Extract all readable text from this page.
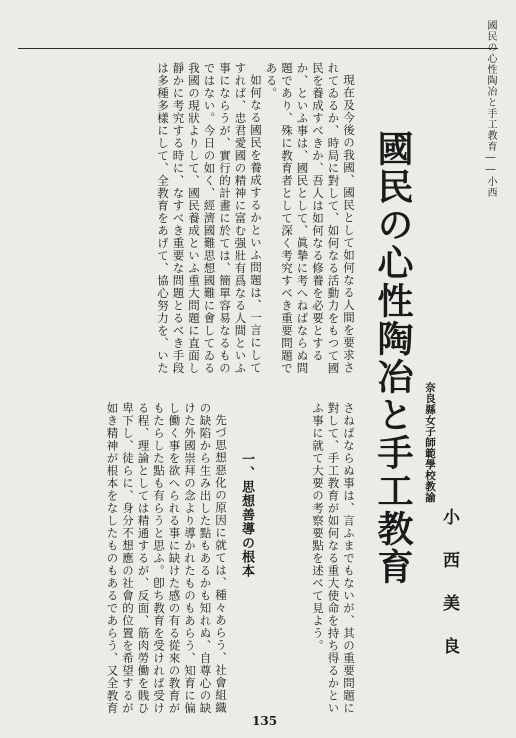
國民の心性陶冶と手工教育――小西

現在及今後の我國、國民として如何なる人間を要求さ

れてゐるか、時局に對して、如何なる活動力をもつて國

民を養成すべきか、吾人は如何なる修養を必要とする

か、といふ事は、國民として、眞摯に考へねばならぬ問

題であり、殊に教育者として深く考究すべき重要問題で

ある。

如何なる國民を養成するかといふ問題は、一言にして

すれば、忠君愛國の精神に富む强壯有爲なる人間といふ

事にならうが、實行的計畫に於ては、簡單容易なるもの

ではない。今日の如く、經濟國難思想國難に會してゐる

我國の現狀よりして、國民養成といふ重大問題に直面し

靜かに考究する時に、なすべき重要な問題とるべき手段

は多種多樣にして、全教育をあげて、協心努力を、いた	國民の心性陶冶と手工教育	奈良縣女子師範學校教諭
小西美良

さねばならぬ事は、言ふまでもないが、其の重要問題に

對して、手工教育が如何なる重大使命を持ち得るかとい

ふ事に就て大要の考察要點を述べて見よう。

一、思想善導の根本

先づ思想惡化の原因に就ては、種々あらう、社會組織

の缺陷から生み出した點もあるかも知れぬ、自尊心の缺

けた外國崇拜の念より導かれたものもあらう、知育に偏

し働く事を欲へられる事に缺けた感の有る從來の教育が

もたらした點も有らうと思ふ。卽ち教育を受ければ受け

る程、理論としては精通するが、反面、筋肉勞働を賎ひ

卑下し、徒らに、身分不想應の社會的位置を希望するが

如き精神が根本をなしたものもあるであらう、又全教育

135
